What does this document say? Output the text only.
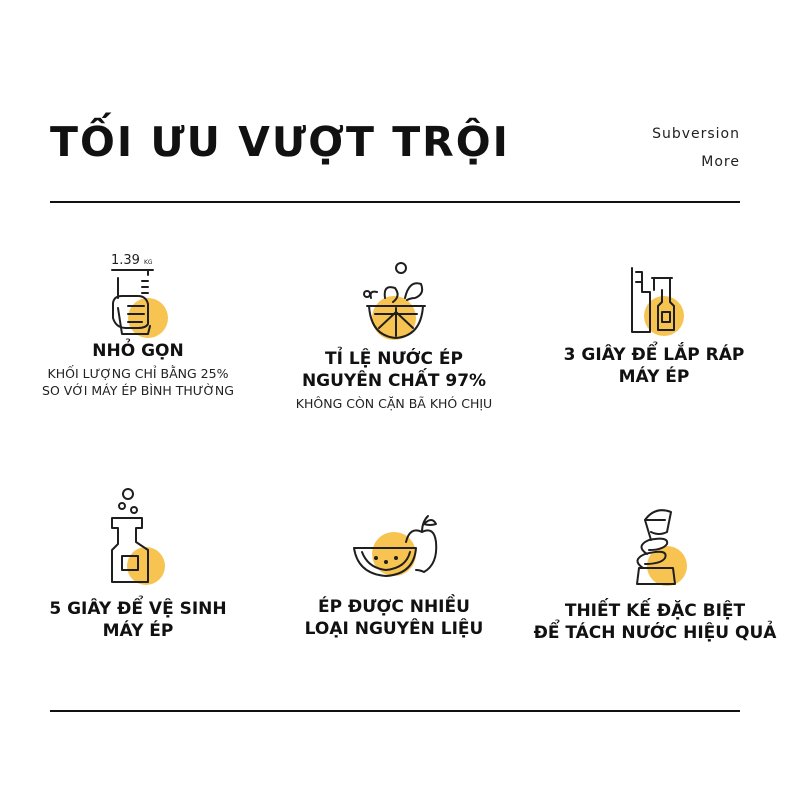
TỐI ƯU VƯỢT TRỘI	Subversion
More
1.39 KG
NHỎ GỌN
KHỐI LƯỢNG CHỈ BẰNG 25%
SO VỚI MÁY ÉP BÌNH THƯỜNG
TỈ LỆ NƯỚC ÉP
NGUYÊN CHẤT 97%
KHÔNG CÒN CẶN BÃ KHÓ CHỊU
3 GIÂY ĐỂ LẮP RÁP
MÁY ÉP
5 GIÂY ĐỂ VỆ SINH
MÁY ÉP
ÉP ĐƯỢC NHIỀU
LOẠI NGUYÊN LIỆU
THIẾT KẾ ĐẶC BIỆT
ĐỂ TÁCH NƯỚC HIỆU QUẢ
